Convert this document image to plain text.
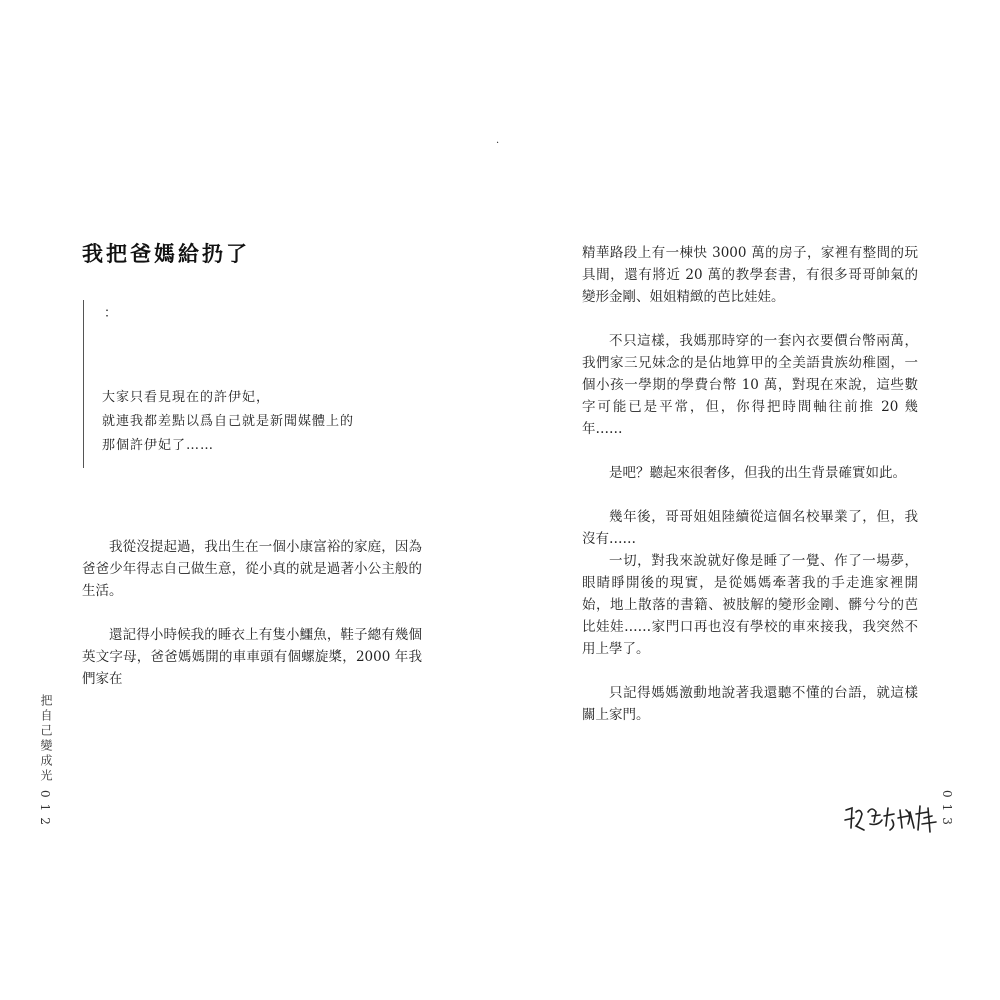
·
我把爸媽給扔了
：
大家只看見現在的許伊妃，
就連我都差點以爲自己就是新聞媒體上的
那個許伊妃了……

我從沒提起過，我出生在一個小康富裕的家庭，因為爸爸少年得志自己做生意，從小真的就是過著小公主般的生活。

還記得小時候我的睡衣上有隻小鱷魚，鞋子總有幾個英文字母，爸爸媽媽開的車車頭有個螺旋槳，2000 年我們家在

把自己變成光
012

精華路段上有一棟快 3000 萬的房子，家裡有整間的玩具間，還有將近 20 萬的教學套書，有很多哥哥帥氣的變形金剛、姐姐精緻的芭比娃娃。

不只這樣，我媽那時穿的一套內衣要價台幣兩萬，我們家三兄妹念的是佔地算甲的全美語貴族幼稚園，一個小孩一學期的學費台幣 10 萬，對現在來說，這些數字可能已是平常，但，你得把時間軸往前推 20 幾年……

是吧？聽起來很奢侈，但我的出生背景確實如此。

幾年後，哥哥姐姐陸續從這個名校畢業了，但，我沒有……

一切，對我來說就好像是睡了一覺、作了一場夢，眼睛睜開後的現實，是從媽媽牽著我的手走進家裡開始，地上散落的書籍、被肢解的變形金剛、髒兮兮的芭比娃娃……家門口再也沒有學校的車來接我，我突然不用上學了。

只記得媽媽激動地說著我還聽不懂的台語，就這樣關上家門。

013
